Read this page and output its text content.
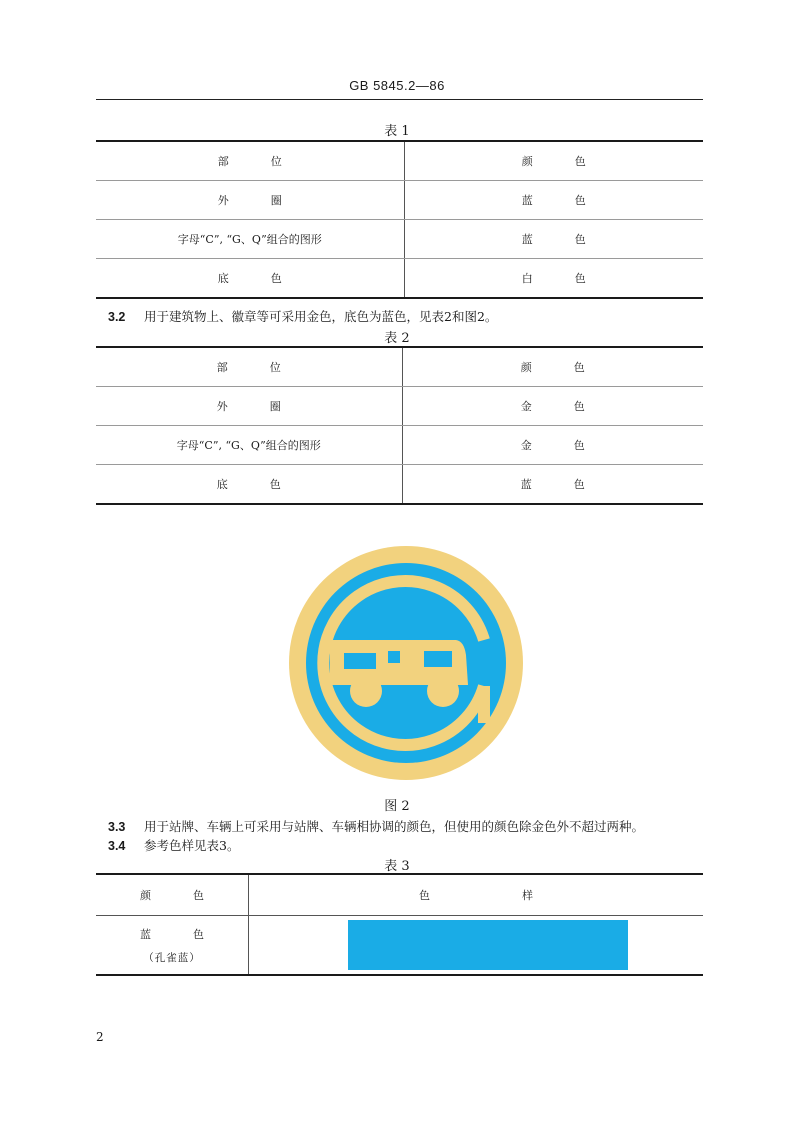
GB 5845.2—86
表 1
部位	颜色
外圈	蓝色
字母“C”, “G、Q”组合的图形	蓝色
底色	白色
3.2 用于建筑物上、徽章等可采用金色，底色为蓝色，见表2和图2。
表 2
部位	颜色
外圈	金色
字母“C”, “G、Q”组合的图形	金色
底色	蓝色
图 2
3.3 用于站牌、车辆上可采用与站牌、车辆相协调的颜色，但使用的颜色除金色外不超过两种。
3.4 参考色样见表3。
表 3
颜色	色样
蓝色
（孔雀蓝）	

2
